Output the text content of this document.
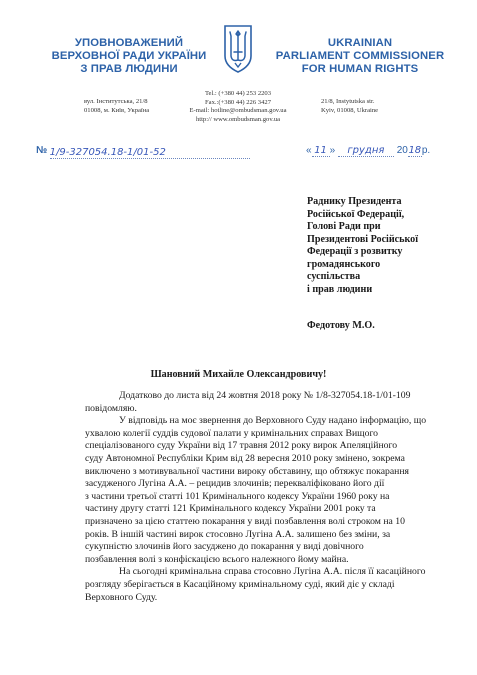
УПОВНОВАЖЕНИЙ
ВЕРХОВНОЇ РАДИ УКРАЇНИ
З ПРАВ ЛЮДИНИ
UKRAINIAN
PARLIAMENT COMMISSIONER
FOR HUMAN RIGHTS
вул. Інститутська, 21/8
01008, м. Київ, Україна
Tel.: (+380 44) 253 2203
Fax.:(+380 44) 226 3427
E-mail: hotline@ombudsman.gov.ua
http:// www.ombudsman.gov.ua
21/8, Instytutska str.
Kyiv, 01008, Ukraine
№ 1/9-327054.18-1/01-52	« 11 » грудня 2018р.
Раднику Президента
Російської Федерації,
Голові Ради при
Президентові Російської
Федерації з розвитку
громадянського
суспільства
і прав людини
Федотову М.О.
Шановний Михайле Олександровичу!
Додатково до листа від 24 жовтня 2018 року № 1/8-327054.18-1/01-109
повідомляю.
У відповідь на моє звернення до Верховного Суду надано інформацію, що
ухвалою колегії суддів судової палати у кримінальних справах Вищого
спеціалізованого суду України від 17 травня 2012 року вирок Апеляційного
суду Автономної Республіки Крим від 28 вересня 2010 року змінено, зокрема
виключено з мотивувальної частини вироку обставину, що обтяжує покарання
засудженого Лугіна А.А. – рецидив злочинів; перекваліфіковано його дії
з частини третьої статті 101 Кримінального кодексу України 1960 року на
частину другу статті 121 Кримінального кодексу України 2001 року та
призначено за цією статтею покарання у виді позбавлення волі строком на 10
років. В іншій частині вирок стосовно Лугіна А.А. залишено без зміни, за
сукупністю злочинів його засуджено до покарання у виді довічного
позбавлення волі з конфіскацією всього належного йому майна.
На сьогодні кримінальна справа стосовно Лугіна А.А. після її касаційного
розгляду зберігається в Касаційному кримінальному суді, який діє у складі
Верховного Суду.
